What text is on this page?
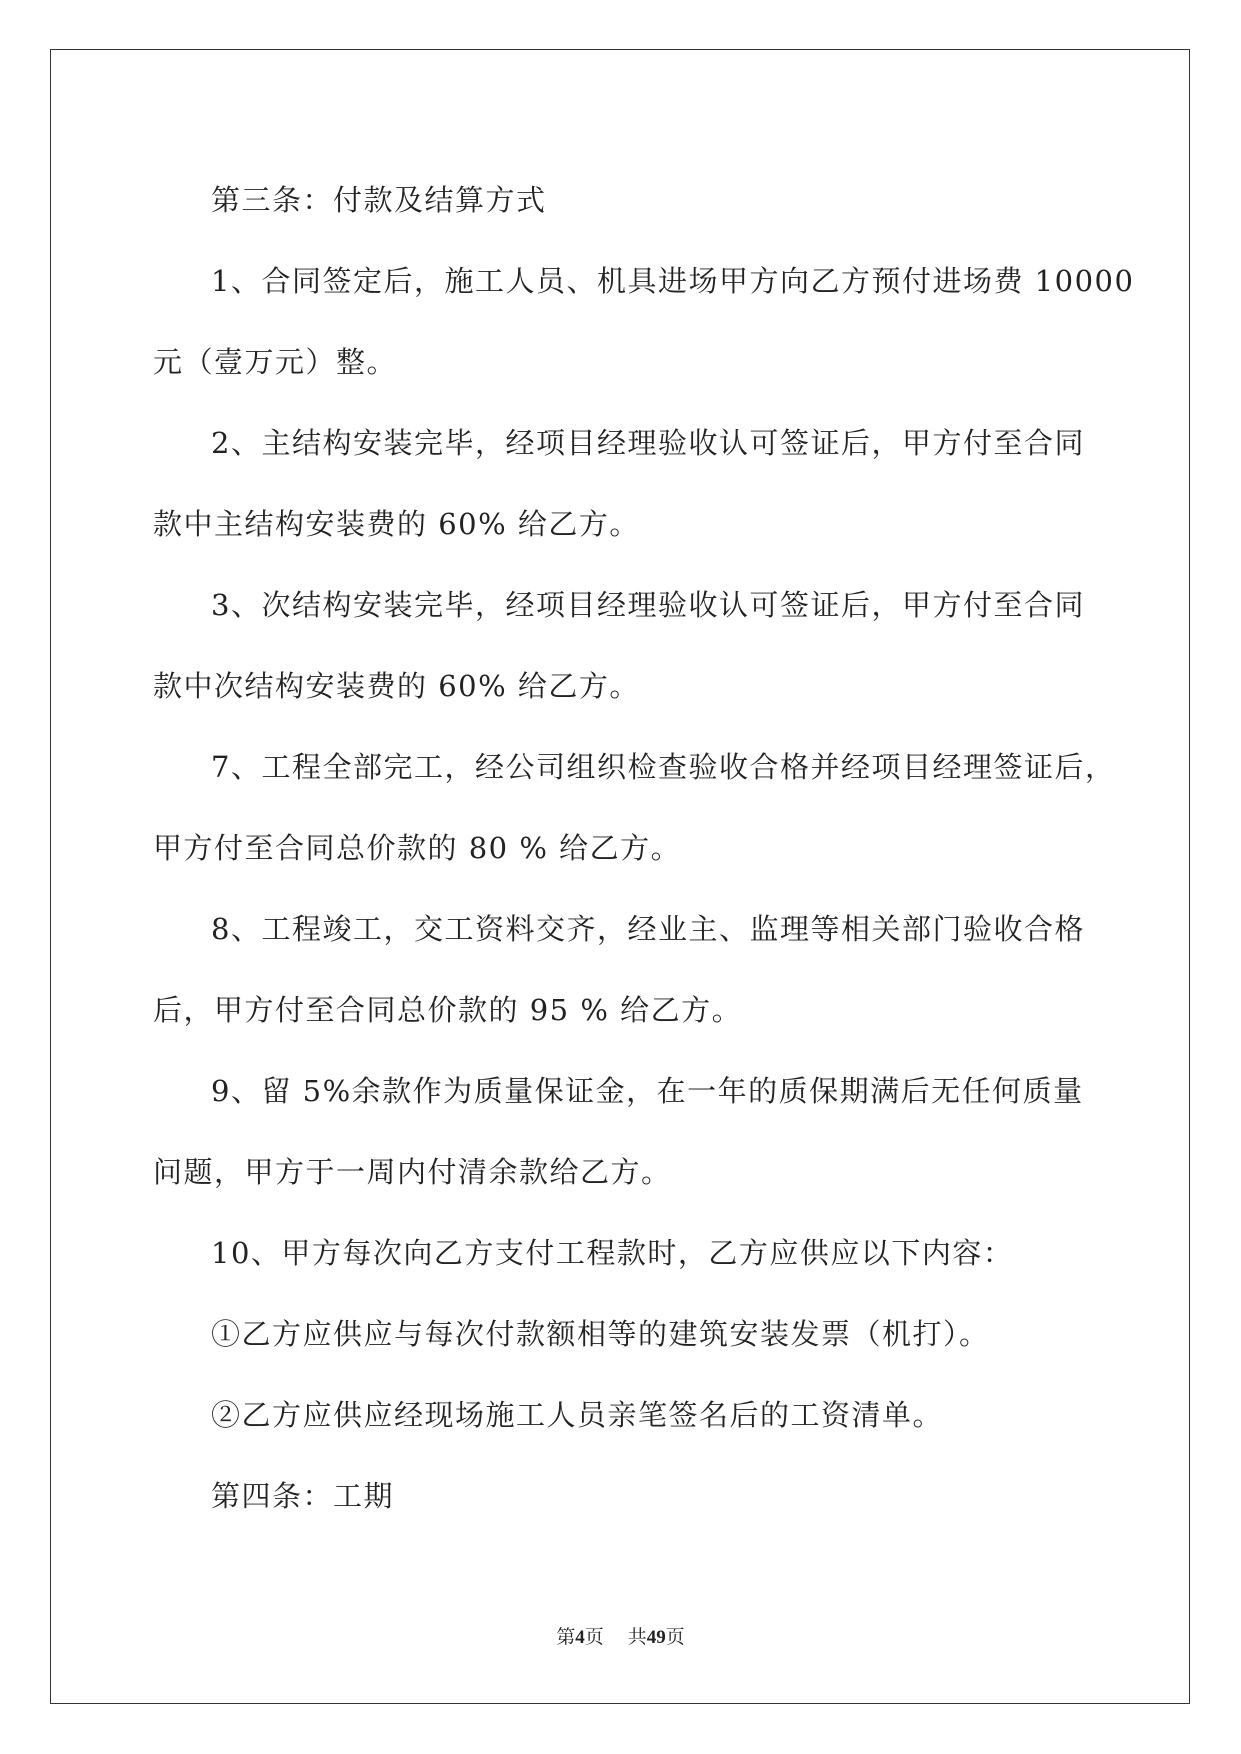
第三条：付款及结算方式

1、合同签定后，施工人员、机具进场甲方向乙方预付进场费 10000

元（壹万元）整。

2、主结构安装完毕，经项目经理验收认可签证后，甲方付至合同

款中主结构安装费的 60% 给乙方。

3、次结构安装完毕，经项目经理验收认可签证后，甲方付至合同

款中次结构安装费的 60% 给乙方。

7、工程全部完工，经公司组织检查验收合格并经项目经理签证后，

甲方付至合同总价款的 80 % 给乙方。

8、工程竣工，交工资料交齐，经业主、监理等相关部门验收合格

后，甲方付至合同总价款的 95 % 给乙方。

9、留 5%余款作为质量保证金，在一年的质保期满后无任何质量

问题，甲方于一周内付清余款给乙方。

10、甲方每次向乙方支付工程款时，乙方应供应以下内容：

①乙方应供应与每次付款额相等的建筑安装发票（机打）。

②乙方应供应经现场施工人员亲笔签名后的工资清单。

第四条：工期

第4页 共49页
